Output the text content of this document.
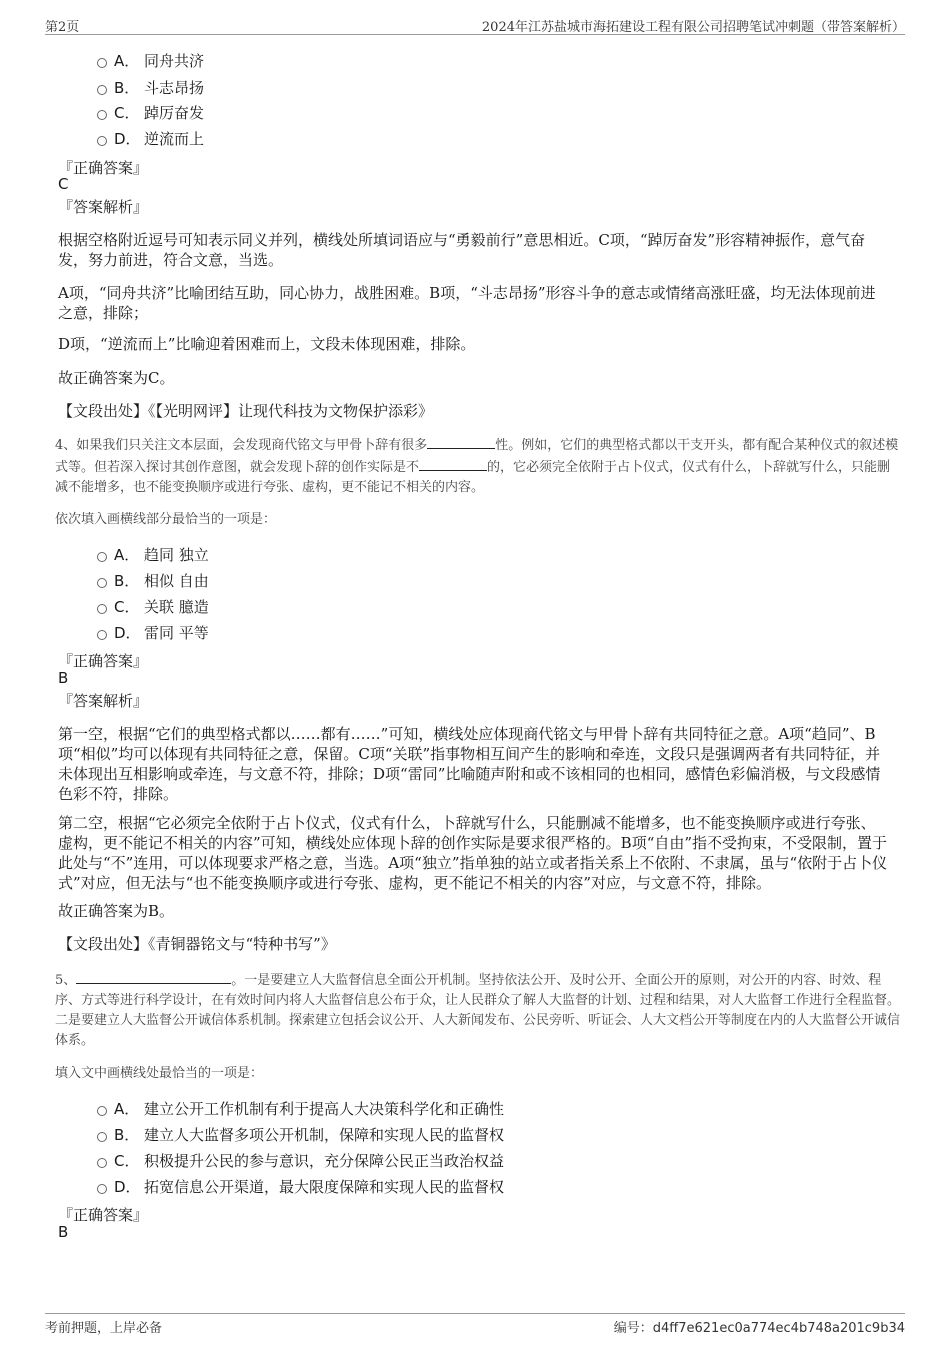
第2页	2024年江苏盐城市海拓建设工程有限公司招聘笔试冲刺题（带答案解析）
A． 同舟共济
B． 斗志昂扬
C． 踔厉奋发
D． 逆流而上
『正确答案』
C
『答案解析』

根据空格附近逗号可知表示同义并列，横线处所填词语应与“勇毅前行”意思相近。C项，“踔厉奋发”形容精神振作，意气奋发，努力前进，符合文意，当选。

A项，“同舟共济”比喻团结互助，同心协力，战胜困难。B项，“斗志昂扬”形容斗争的意志或情绪高涨旺盛，均无法体现前进之意，排除；

D项，“逆流而上”比喻迎着困难而上，文段未体现困难，排除。

故正确答案为C。

【文段出处】《【光明网评】让现代科技为文物保护添彩》

4、如果我们只关注文本层面，会发现商代铭文与甲骨卜辞有很多	性。例如，它们的典型格式都以干支开头，都有配合某种仪式的叙述模式等。但若深入探讨其创作意图，就会发现卜辞的创作实际是不	的，它必须完全依附于占卜仪式，仪式有什么，卜辞就写什么，只能删减不能增多，也不能变换顺序或进行夸张、虚构，更不能记不相关的内容。

依次填入画横线部分最恰当的一项是：

A． 趋同 独立
B． 相似 自由
C． 关联 臆造
D． 雷同 平等
『正确答案』
B
『答案解析』

第一空，根据“它们的典型格式都以……都有……”可知，横线处应体现商代铭文与甲骨卜辞有共同特征之意。A项“趋同”、B项“相似”均可以体现有共同特征之意，保留。C项“关联”指事物相互间产生的影响和牵连，文段只是强调两者有共同特征，并未体现出互相影响或牵连，与文意不符，排除；D项“雷同”比喻随声附和或不该相同的也相同，感情色彩偏消极，与文段感情色彩不符，排除。

第二空，根据“它必须完全依附于占卜仪式，仪式有什么，卜辞就写什么，只能删减不能增多，也不能变换顺序或进行夸张、虚构，更不能记不相关的内容”可知，横线处应体现卜辞的创作实际是要求很严格的。B项“自由”指不受拘束，不受限制，置于此处与“不”连用，可以体现要求严格之意，当选。A项“独立”指单独的站立或者指关系上不依附、不隶属，虽与“依附于占卜仪式”对应，但无法与“也不能变换顺序或进行夸张、虚构，更不能记不相关的内容”对应，与文意不符，排除。

故正确答案为B。

【文段出处】《青铜器铭文与“特种书写”》

5、	。一是要建立人大监督信息全面公开机制。坚持依法公开、及时公开、全面公开的原则，对公开的内容、时效、程序、方式等进行科学设计，在有效时间内将人大监督信息公布于众，让人民群众了解人大监督的计划、过程和结果，对人大监督工作进行全程监督。二是要建立人大监督公开诚信体系机制。探索建立包括会议公开、人大新闻发布、公民旁听、听证会、人大文档公开等制度在内的人大监督公开诚信体系。

填入文中画横线处最恰当的一项是：

A． 建立公开工作机制有利于提高人大决策科学化和正确性
B． 建立人大监督多项公开机制，保障和实现人民的监督权
C． 积极提升公民的参与意识，充分保障公民正当政治权益
D． 拓宽信息公开渠道，最大限度保障和实现人民的监督权
『正确答案』
B
考前押题，上岸必备	编号：d4ff7e621ec0a774ec4b748a201c9b34
